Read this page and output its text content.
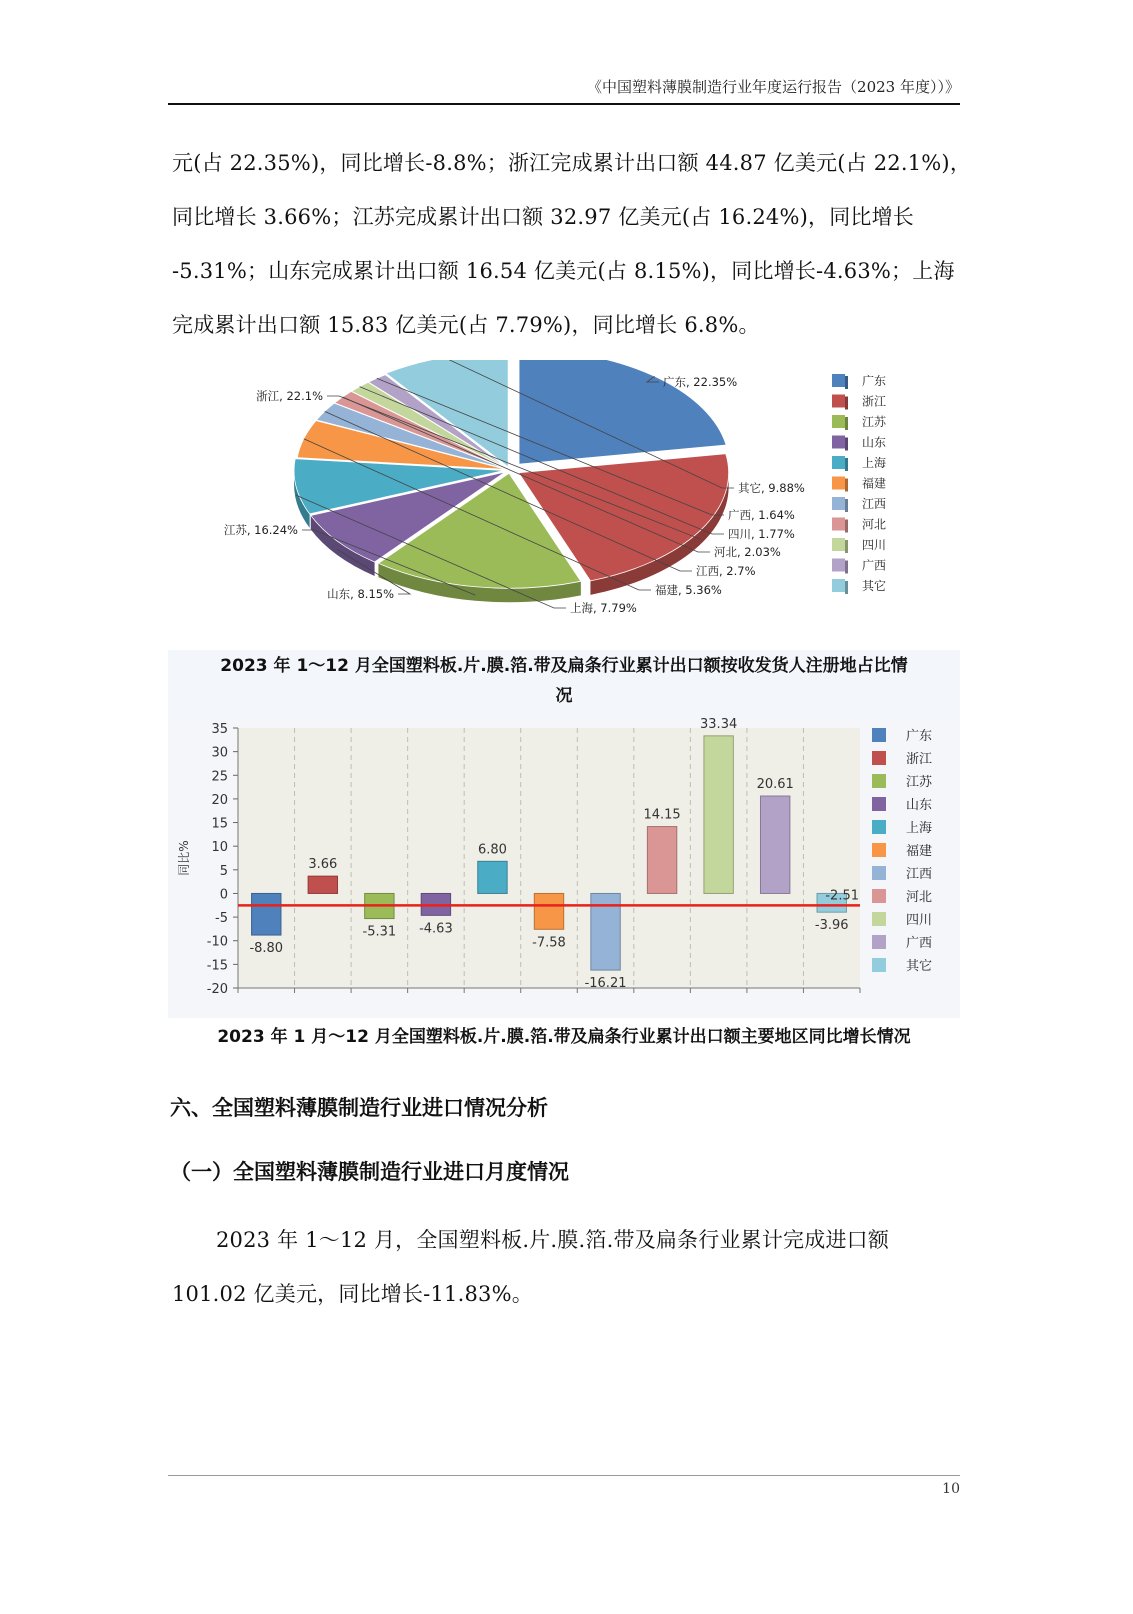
《中国塑料薄膜制造行业年度运行报告（2023 年度））》
元(占 22.35%)，同比增长-8.8%；浙江完成累计出口额 44.87 亿美元(占 22.1%)，
同比增长 3.66%；江苏完成累计出口额 32.97 亿美元(占 16.24%)，同比增长
-5.31%；山东完成累计出口额 16.54 亿美元(占 8.15%)，同比增长-4.63%；上海
完成累计出口额 15.83 亿美元(占 7.79%)，同比增长 6.8%。
广东, 22.35%
浙江, 22.1%
江苏, 16.24%
山东, 8.15%
上海, 7.79%
福建, 5.36%
江西, 2.7%
河北, 2.03%
四川, 1.77%
广西, 1.64%
其它, 9.88%
广东
浙江
江苏
山东
上海
福建
江西
河北
四川
广西
其它
2023 年 1～12 月全国塑料板.片.膜.箔.带及扁条行业累计出口额按收发货人注册地占比情
况
35
30
25
20
15
10
5
0
-5
-10
-15
-20
同比%
-8.80
3.66
-5.31 -4.63
6.80
-7.58
-16.21
14.15
33.34
20.61
-3.96
-2.51
广东
浙江
江苏
山东
上海
福建
江西
河北
四川
广西
其它
2023 年 1 月～12 月全国塑料板.片.膜.箔.带及扁条行业累计出口额主要地区同比增长情况
六、全国塑料薄膜制造行业进口情况分析
（一）全国塑料薄膜制造行业进口月度情况
2023 年 1～12 月，全国塑料板.片.膜.箔.带及扁条行业累计完成进口额
101.02 亿美元，同比增长-11.83%。
10
